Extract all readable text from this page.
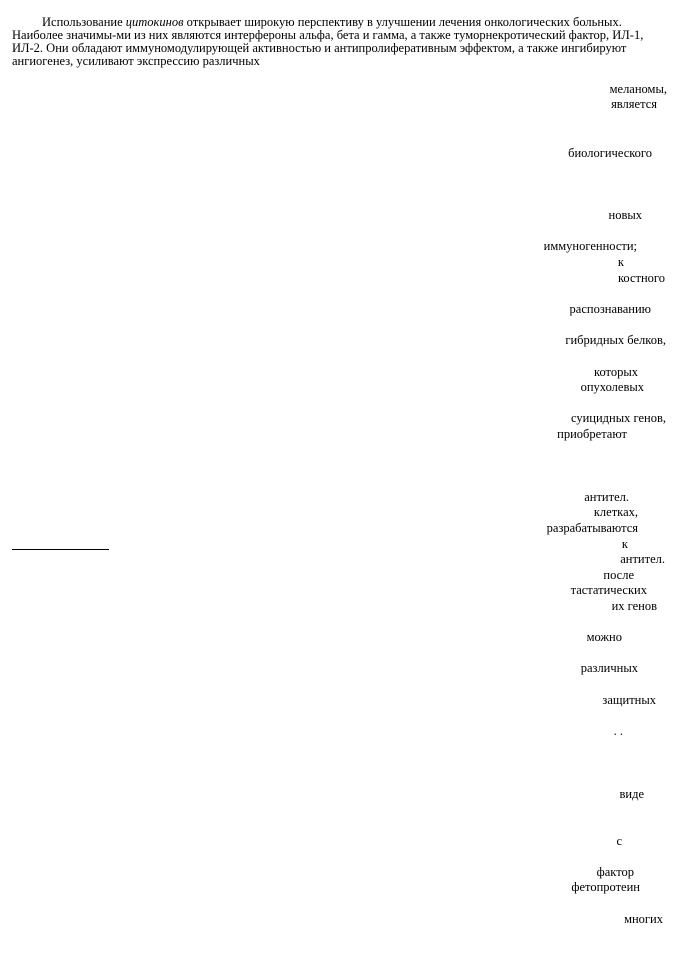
Использование цитокинов открывает широкую перспективу в улучшении лечения онкологических больных. Наиболее значимы-ми из них являются интерфероны альфа, бета и гамма, а также туморнекротический фактор, ИЛ-1, ИЛ-2. Они обладают иммуномодулирующей активностью и антипролиферативным эффектом, а также ингибируют ангиогенез, усиливают экспрессию различных

меланомы,
является
биологического
новых
иммуногенности;
к
костного
распознаванию
гибридных белков,
которых
опухолевых
суицидных генов,
приобретают
антител.
клетках,
разрабатываются
к
антител.
после
тастатических
их генов
можно
различных
защитных
. .
виде
с
фактор
фетопротеин
многих
